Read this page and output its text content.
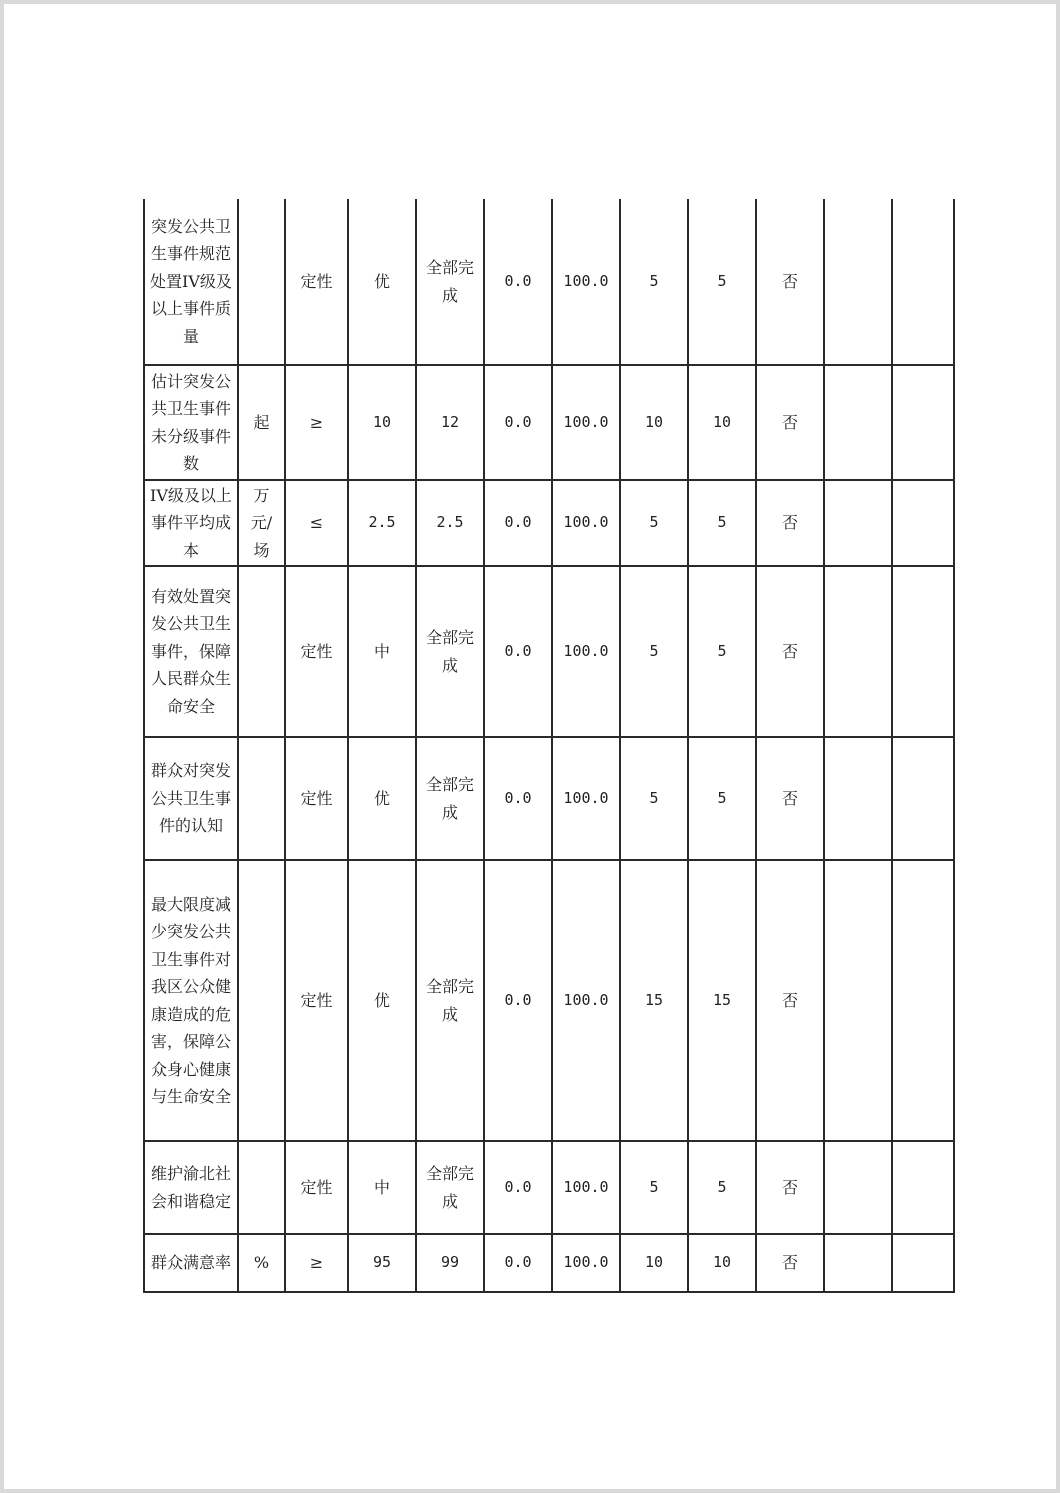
突发公共卫生事件规范处置IV级及以上事件质量		定性	优	全部完成	0.0	100.0	5	5	否		
估计突发公共卫生事件未分级事件数	起	≥	10	12	0.0	100.0	10	10	否		
IV级及以上事件平均成本	万元/场	≤	2.5	2.5	0.0	100.0	5	5	否		
有效处置突发公共卫生事件，保障人民群众生命安全		定性	中	全部完成	0.0	100.0	5	5	否		
群众对突发公共卫生事件的认知		定性	优	全部完成	0.0	100.0	5	5	否		
最大限度减少突发公共卫生事件对我区公众健康造成的危害，保障公众身心健康与生命安全		定性	优	全部完成	0.0	100.0	15	15	否		
维护渝北社会和谐稳定		定性	中	全部完成	0.0	100.0	5	5	否		
群众满意率	%	≥	95	99	0.0	100.0	10	10	否		
